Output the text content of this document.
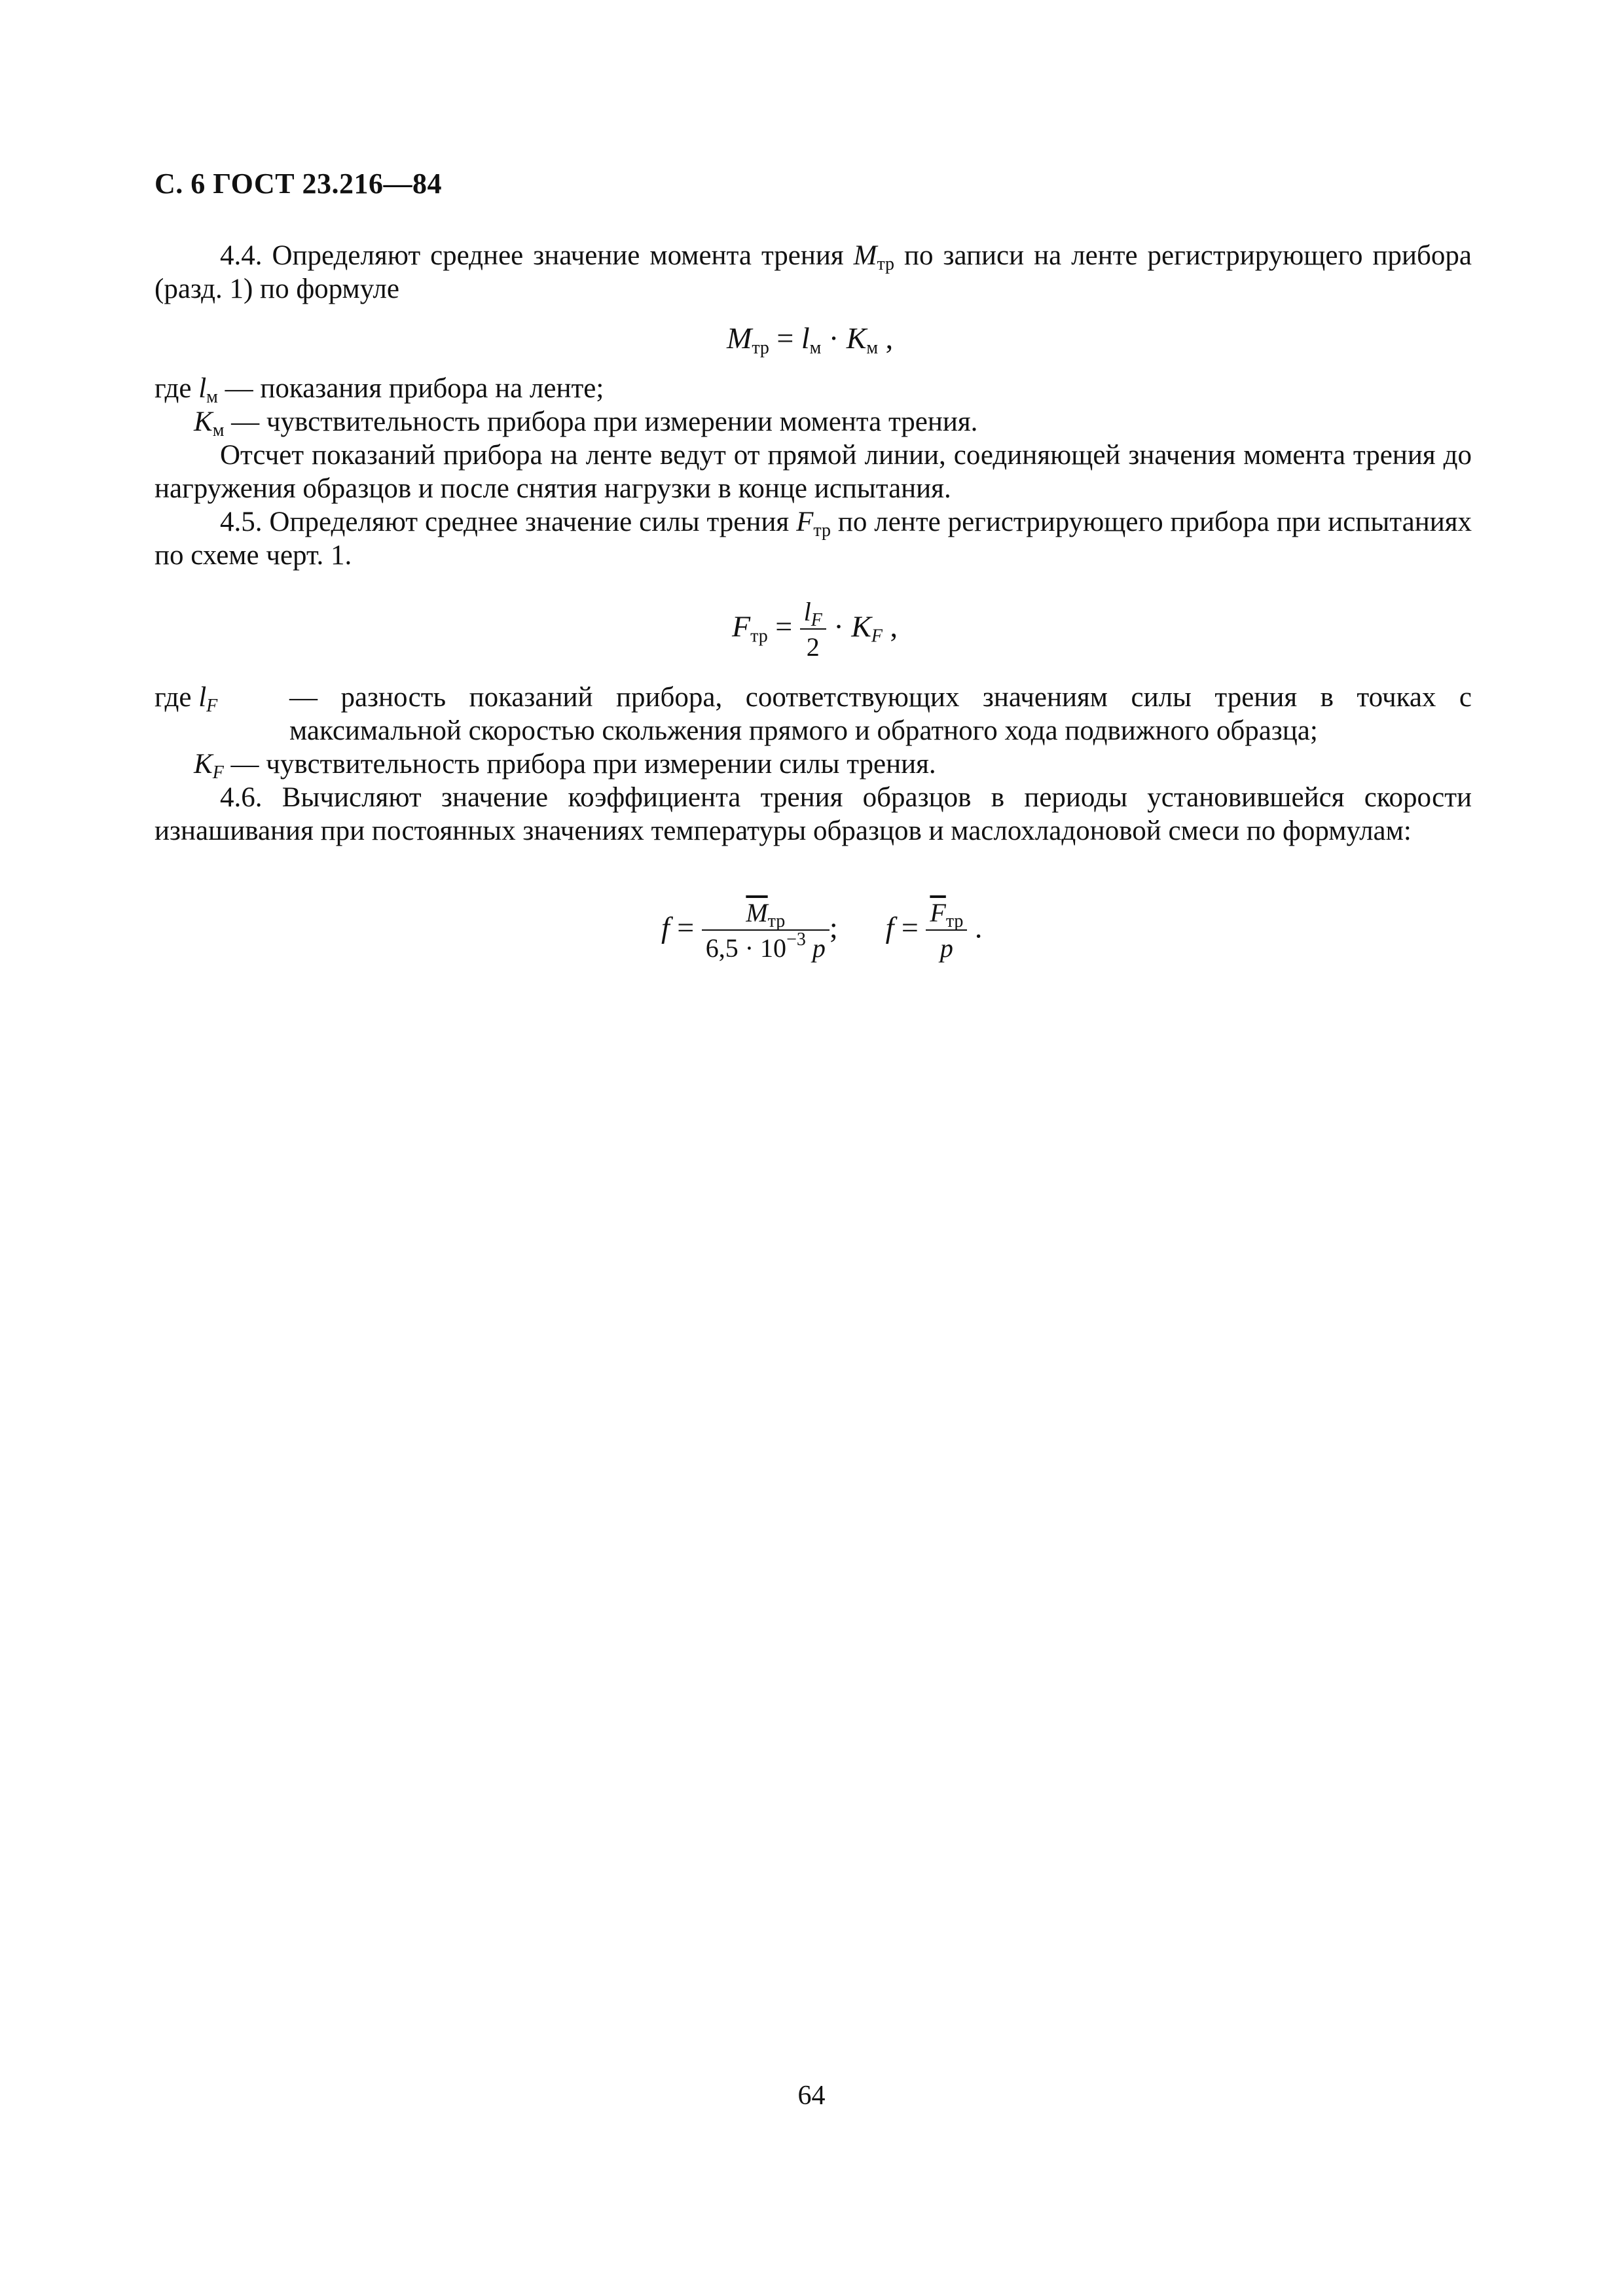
С. 6 ГОСТ 23.216—84

4.4. Определяют среднее значение момента трения $M_{тр}$ по записи на ленте регистрирующего прибора (разд. 1) по формуле

$M_{тр} = l_м \cdot K_м$ ,

где $l_м$ — показания прибора на ленте;

$K_м$ — чувствительность прибора при измерении момента трения.

Отсчет показаний прибора на ленте ведут от прямой линии, соединяющей значения момента трения до нагружения образцов и после снятия нагрузки в конце испытания.

4.5. Определяют среднее значение силы трения $F_{тр}$ по ленте регистрирующего прибора при испытаниях по схеме черт. 1.

$F_{тр} = \frac{l_F}{2} \cdot K_F$ ,
где $l_F$	— разность показаний прибора, соответствующих значениям силы трения в точках с максимальной скоростью скольжения прямого и обратного хода подвижного образца;

$K_F$ — чувствительность прибора при измерении силы трения.

4.6. Вычисляют значение коэффициента трения образцов в периоды установившейся скорости изнашивания при постоянных значениях температуры образцов и маслохладоновой смеси по формулам:

$f = \frac{\overline{M}_{тр}}{6,5 \cdot 10^{-3} p}$ ; $f = \frac{\overline{F}_{тр}}{p}$ .
64
